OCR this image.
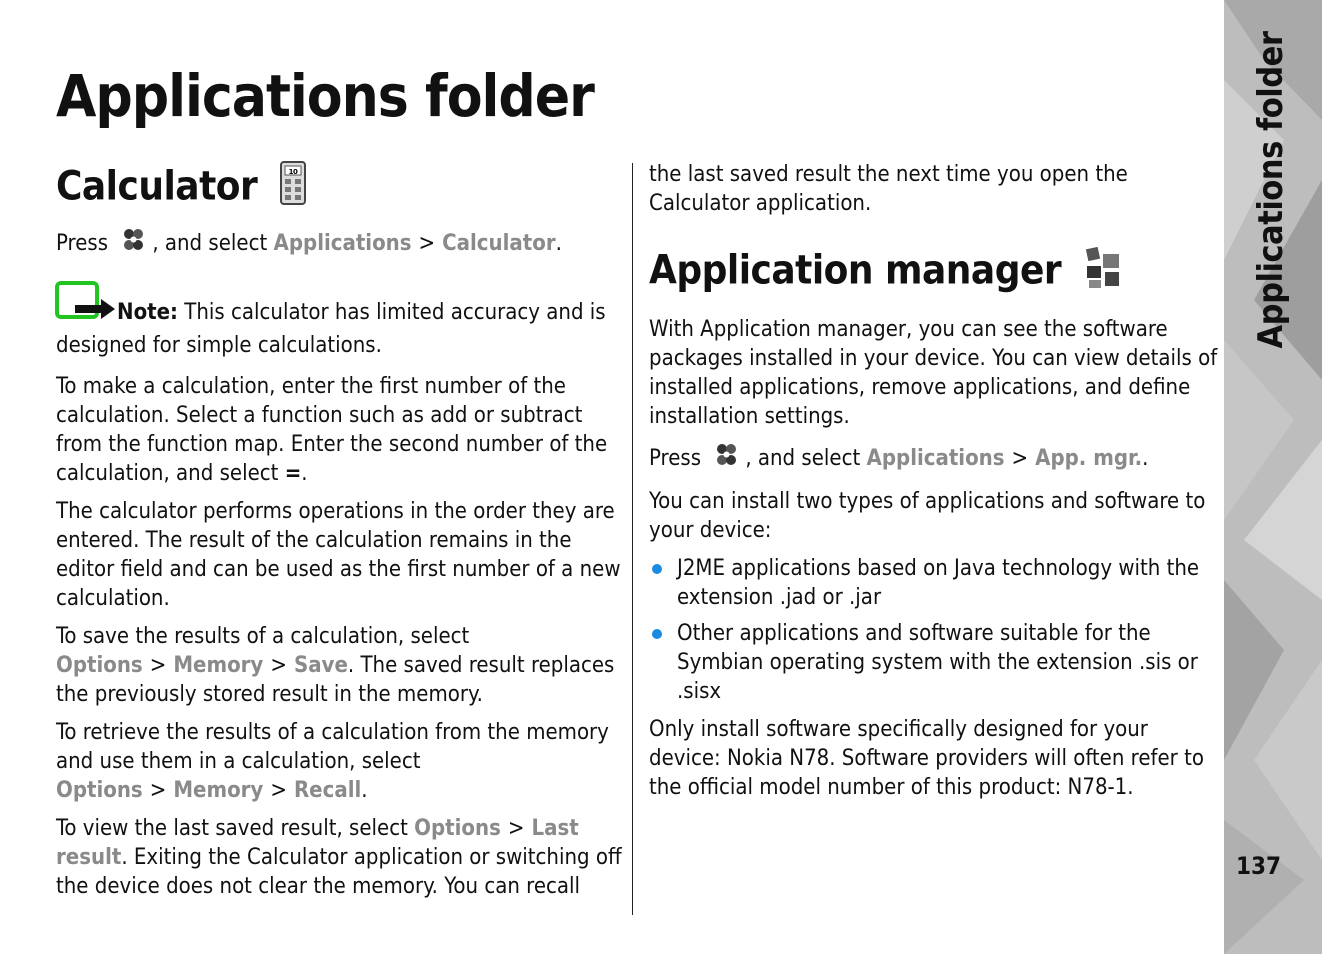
Applications folder
Calculator	10

Press , and select Applications > Calculator.

Note: This calculator has limited accuracy and is designed for simple calculations.

To make a calculation, enter the first number of the calculation. Select a function such as add or subtract from the function map. Enter the second number of the calculation, and select =.

The calculator performs operations in the order they are entered. The result of the calculation remains in the editor field and can be used as the first number of a new calculation.

To save the results of a calculation, select Options > Memory > Save. The saved result replaces the previously stored result in the memory.

To retrieve the results of a calculation from the memory and use them in a calculation, select Options > Memory > Recall.

To view the last saved result, select Options > Last result. Exiting the Calculator application or switching off the device does not clear the memory. You can recall

the last saved result the next time you open the Calculator application.

Application manager

With Application manager, you can see the software packages installed in your device. You can view details of installed applications, remove applications, and define installation settings.

Press , and select Applications > App. mgr..

You can install two types of applications and software to your device:

J2ME applications based on Java technology with the extension .jad or .jar
Other applications and software suitable for the Symbian operating system with the extension .sis or .sisx

Only install software specifically designed for your device: Nokia N78. Software providers will often refer to the official model number of this product: N78-1.

Applications folder
137
